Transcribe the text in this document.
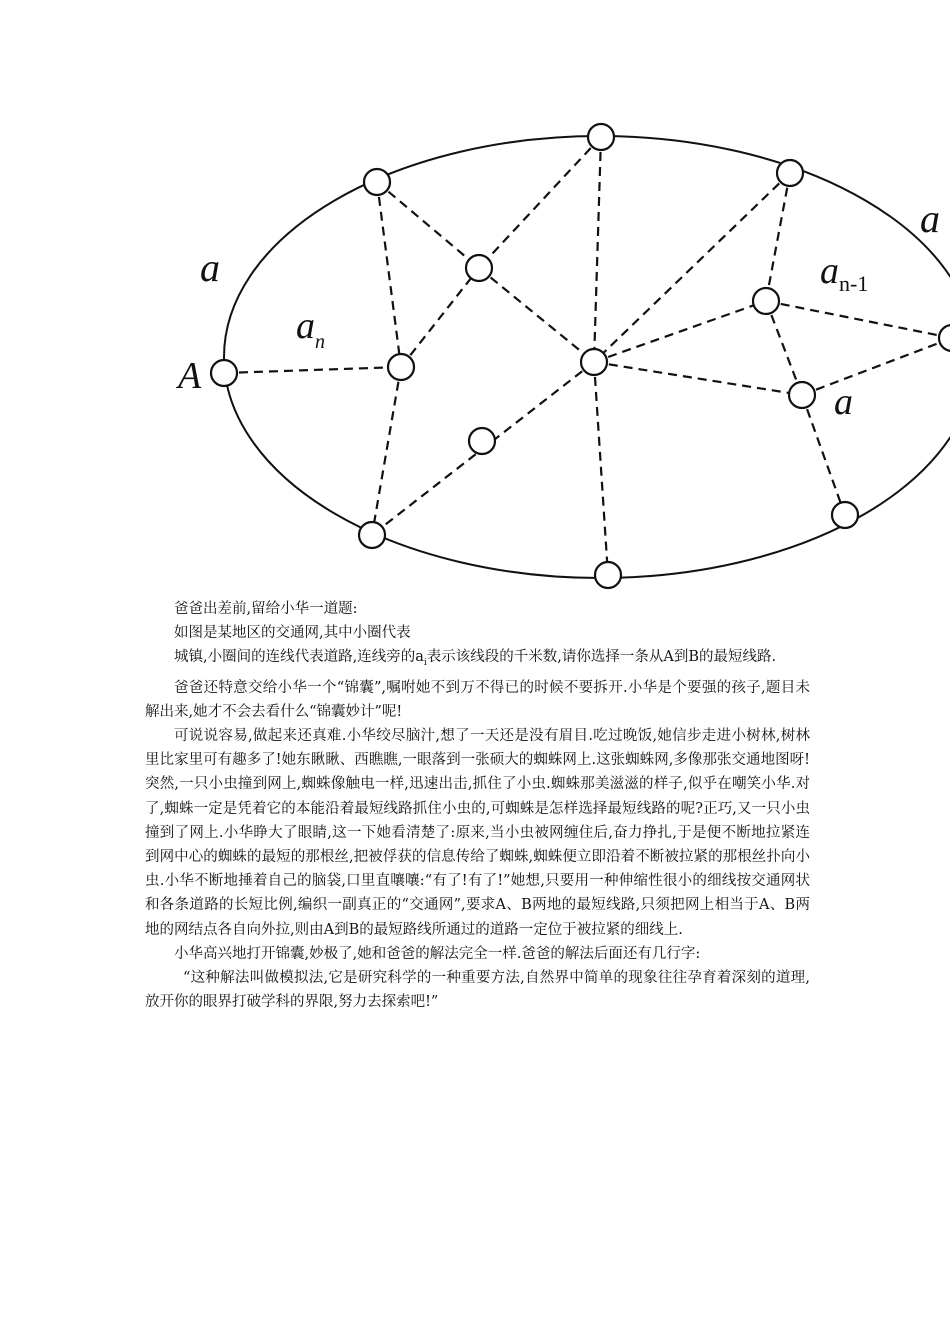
A
a
$a_n$
$a_{n-1}$
a
a

爸爸出差前,留给小华一道题:

如图是某地区的交通网,其中小圈代表

城镇,小圈间的连线代表道路,连线旁的$a_i$表示该线段的千米数,请你选择一条从A到B的最短线路.

爸爸还特意交给小华一个“锦囊”,嘱咐她不到万不得已的时候不要拆开.小华是个要强的孩子,题目未解出来,她才不会去看什么“锦囊妙计”呢!

可说说容易,做起来还真难.小华绞尽脑汁,想了一天还是没有眉目.吃过晚饭,她信步走进小树林,树林里比家里可有趣多了!她东瞅瞅、西瞧瞧,一眼落到一张硕大的蜘蛛网上.这张蜘蛛网,多像那张交通地图呀!突然,一只小虫撞到网上,蜘蛛像触电一样,迅速出击,抓住了小虫.蜘蛛那美滋滋的样子,似乎在嘲笑小华.对了,蜘蛛一定是凭着它的本能沿着最短线路抓住小虫的,可蜘蛛是怎样选择最短线路的呢?正巧,又一只小虫撞到了网上.小华睁大了眼睛,这一下她看清楚了:原来,当小虫被网缠住后,奋力挣扎,于是便不断地拉紧连到网中心的蜘蛛的最短的那根丝,把被俘获的信息传给了蜘蛛,蜘蛛便立即沿着不断被拉紧的那根丝扑向小虫.小华不断地捶着自己的脑袋,口里直嚷嚷:“有了!有了!”她想,只要用一种伸缩性很小的细线按交通网状和各条道路的长短比例,编织一副真正的“交通网”,要求A、B两地的最短线路,只须把网上相当于A、B两地的网结点各自向外拉,则由A到B的最短路线所通过的道路一定位于被拉紧的细线上.

小华高兴地打开锦囊,妙极了,她和爸爸的解法完全一样.爸爸的解法后面还有几行字:

“这种解法叫做模拟法,它是研究科学的一种重要方法,自然界中简单的现象往往孕育着深刻的道理,放开你的眼界打破学科的界限,努力去探索吧!”
